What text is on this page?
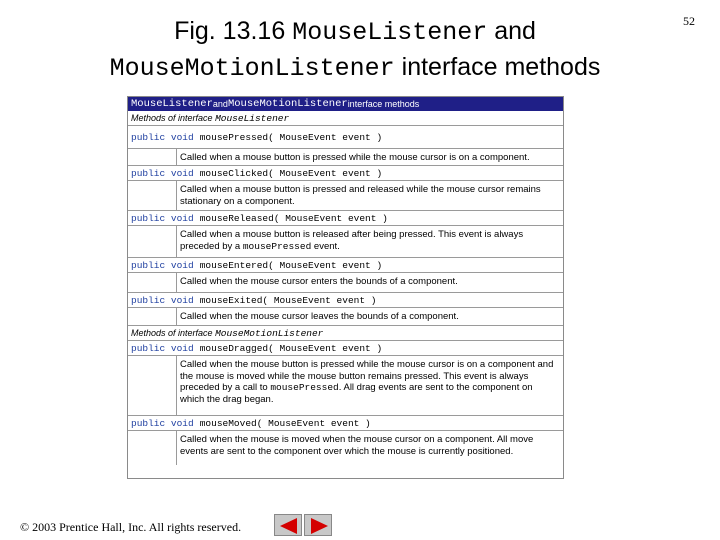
Fig. 13.16 MouseListener and
MouseMotionListener interface methods
52
MouseListener and MouseMotionListener interface methods
Methods of interface
MouseListener
public void mousePressed( MouseEvent event )
Called when a mouse button is pressed while the mouse cursor is on a component.
public void mouseClicked( MouseEvent event )
Called when a mouse button is pressed and released while the mouse cursor remains stationary on a component.
public void mouseReleased( MouseEvent event )
Called when a mouse button is released after being pressed. This event is always preceded by a mousePressed event.
public void mouseEntered( MouseEvent event )
Called when the mouse cursor enters the bounds of a component.
public void mouseExited( MouseEvent event )
Called when the mouse cursor leaves the bounds of a component.
Methods of interface
MouseMotionListener
public void mouseDragged( MouseEvent event )
Called when the mouse button is pressed while the mouse cursor is on a component and the mouse is moved while the mouse button remains pressed. This event is always preceded by a call to mousePressed. All drag events are sent to the component on which the drag began.
public void mouseMoved( MouseEvent event )
Called when the mouse is moved when the mouse cursor on a component. All move events are sent to the component over which the mouse is currently positioned.
© 2003 Prentice Hall, Inc. All rights reserved.
